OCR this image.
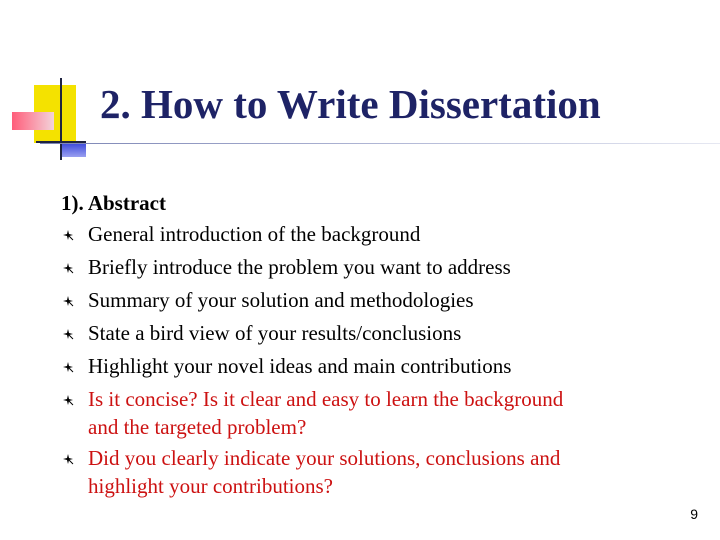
2. How to Write Dissertation
1). Abstract
General introduction of the background
Briefly introduce the problem you want to address
Summary of your solution and methodologies
State a bird view of your results/conclusions
Highlight your novel ideas and main contributions
Is it concise? Is it clear and easy to learn the background
and the targeted problem?
Did you clearly indicate your solutions, conclusions and
highlight your contributions?
9
